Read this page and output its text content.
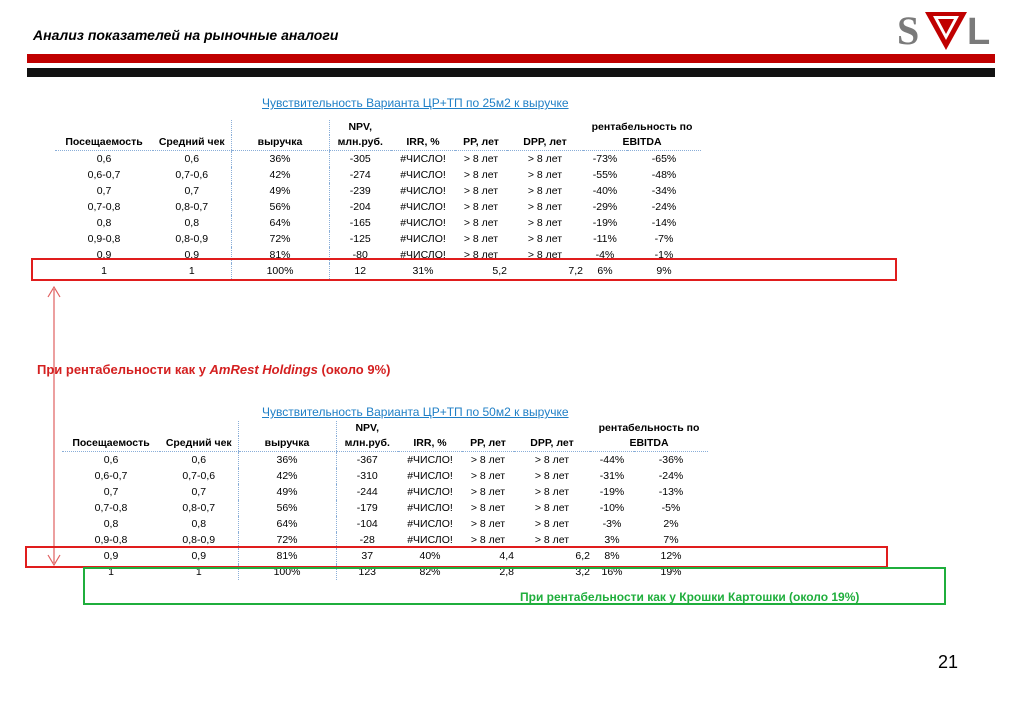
Анализ показателей на рыночные аналоги	S L
Чувствительность Варианта ЦР+ТП по 25м2 к выручке
			NPV,				рентабельность по	
Посещаемость	Средний чек	выручка	млн.руб.	IRR, %	PP, лет	DPP, лет	EBITDA	
0,6	0,6	36%	-305	#ЧИСЛО!	> 8 лет	> 8 лет	-73%	-65%
0,6-0,7	0,7-0,6	42%	-274	#ЧИСЛО!	> 8 лет	> 8 лет	-55%	-48%
0,7	0,7	49%	-239	#ЧИСЛО!	> 8 лет	> 8 лет	-40%	-34%
0,7-0,8	0,8-0,7	56%	-204	#ЧИСЛО!	> 8 лет	> 8 лет	-29%	-24%
0,8	0,8	64%	-165	#ЧИСЛО!	> 8 лет	> 8 лет	-19%	-14%
0,9-0,8	0,8-0,9	72%	-125	#ЧИСЛО!	> 8 лет	> 8 лет	-11%	-7%
0,9	0,9	81%	-80	#ЧИСЛО!	> 8 лет	> 8 лет	-4%	-1%
1	1	100%	12	31%	5,2	7,2	6%	9%
При рентабельности как у AmRest Holdings (около 9%)
Чувствительность Варианта ЦР+ТП по 50м2 к выручке
			NPV,				рентабельность по	
Посещаемость	Средний чек	выручка	млн.руб.	IRR, %	PP, лет	DPP, лет	EBITDA	
0,6	0,6	36%	-367	#ЧИСЛО!	> 8 лет	> 8 лет	-44%	-36%
0,6-0,7	0,7-0,6	42%	-310	#ЧИСЛО!	> 8 лет	> 8 лет	-31%	-24%
0,7	0,7	49%	-244	#ЧИСЛО!	> 8 лет	> 8 лет	-19%	-13%
0,7-0,8	0,8-0,7	56%	-179	#ЧИСЛО!	> 8 лет	> 8 лет	-10%	-5%
0,8	0,8	64%	-104	#ЧИСЛО!	> 8 лет	> 8 лет	-3%	2%
0,9-0,8	0,8-0,9	72%	-28	#ЧИСЛО!	> 8 лет	> 8 лет	3%	7%
0,9	0,9	81%	37	40%	4,4	6,2	8%	12%
1	1	100%	123	82%	2,8	3,2	16%	19%
При рентабельности как у Крошки Картошки (около 19%)
21
